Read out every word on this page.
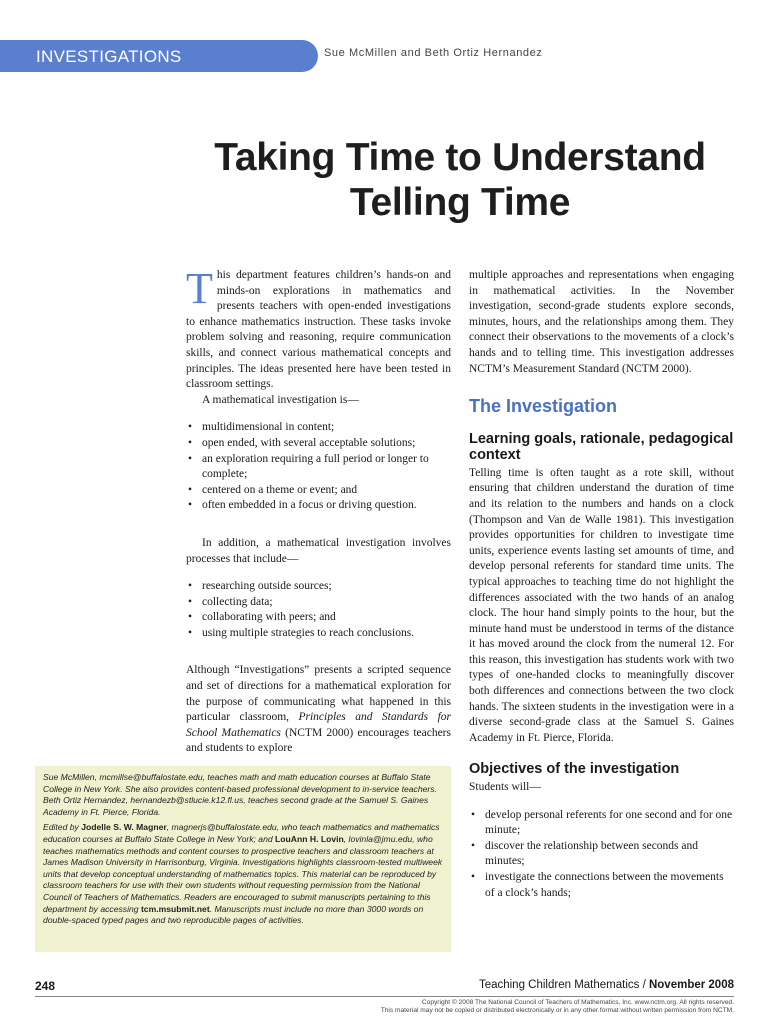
INVESTIGATIONS	Sue McMillen and Beth Ortiz Hernandez
Taking Time to Understand
Telling Time

This department features children’s hands-on and minds-on explorations in mathematics and presents teachers with open-ended investigations to enhance mathematics instruction. These tasks invoke problem solving and reasoning, require communication skills, and connect various mathematical concepts and principles. The ideas presented here have been tested in classroom settings.

A mathematical investigation is—

• multidimensional in content;
• open ended, with several acceptable solutions;
• an exploration requiring a full period or longer to complete;
• centered on a theme or event; and
• often embedded in a focus or driving question.

In addition, a mathematical investigation involves processes that include—

• researching outside sources;
• collecting data;
• collaborating with peers; and
• using multiple strategies to reach conclusions.

Although “Investigations” presents a scripted sequence and set of directions for a mathematical exploration for the purpose of communicating what happened in this particular classroom, Principles and Standards for School Mathematics (NCTM 2000) encourages teachers and students to explore

multiple approaches and representations when engaging in mathematical activities. In the November investigation, second-grade students explore seconds, minutes, hours, and the relationships among them. They connect their observations to the movements of a clock’s hands and to telling time. This investigation addresses NCTM’s Measurement Standard (NCTM 2000).

The Investigation
Learning goals, rationale, pedagogical context

Telling time is often taught as a rote skill, without ensuring that children understand the duration of time and its relation to the numbers and hands on a clock (Thompson and Van de Walle 1981). This investigation provides opportunities for children to investigate time units, experience events lasting set amounts of time, and develop personal referents for standard time units. The typical approaches to teaching time do not highlight the differences associated with the two hands of an analog clock. The hour hand simply points to the hour, but the minute hand must be understood in terms of the distance it has moved around the clock from the numeral 12. For this reason, this investigation has students work with two types of one-handed clocks to meaningfully discover both differences and connections between the two clock hands. The sixteen students in the investigation were in a diverse second-grade class at the Samuel S. Gaines Academy in Ft. Pierce, Florida.

Objectives of the investigation

Students will—

• develop personal referents for one second and for one minute;
• discover the relationship between seconds and minutes;
• investigate the connections between the movements of a clock’s hands;

Sue McMillen, mcmillse@buffalostate.edu, teaches math and math education courses at Buffalo State College in New York. She also provides content-based professional development to in-service teachers. Beth Ortiz Hernandez, hernandezb@stlucie.k12.fl.us, teaches second grade at the Samuel S. Gaines Academy in Ft. Pierce, Florida.

Edited by Jodelle S. W. Magner, magnerjs@buffalostate.edu, who teach mathematics and mathematics education courses at Buffalo State College in New York; and LouAnn H. Lovin, lovinla@jmu.edu, who teaches mathematics methods and content courses to prospective teachers and classroom teachers at James Madison University in Harrisonburg, Virginia. Investigations highlights classroom-tested multiweek units that develop conceptual understanding of mathematics topics. This material can be reproduced by classroom teachers for use with their own students without requesting permission from the National Council of Teachers of Mathematics. Readers are encouraged to submit manuscripts pertaining to this department by accessing tcm.msubmit.net. Manuscripts must include no more than 3000 words on double-spaced typed pages and two reproducible pages of activities.

248	Teaching Children Mathematics / November 2008
Copyright © 2008 The National Council of Teachers of Mathematics, Inc. www.nctm.org. All rights reserved.
This material may not be copied or distributed electronically or in any other format without written permission from NCTM.
